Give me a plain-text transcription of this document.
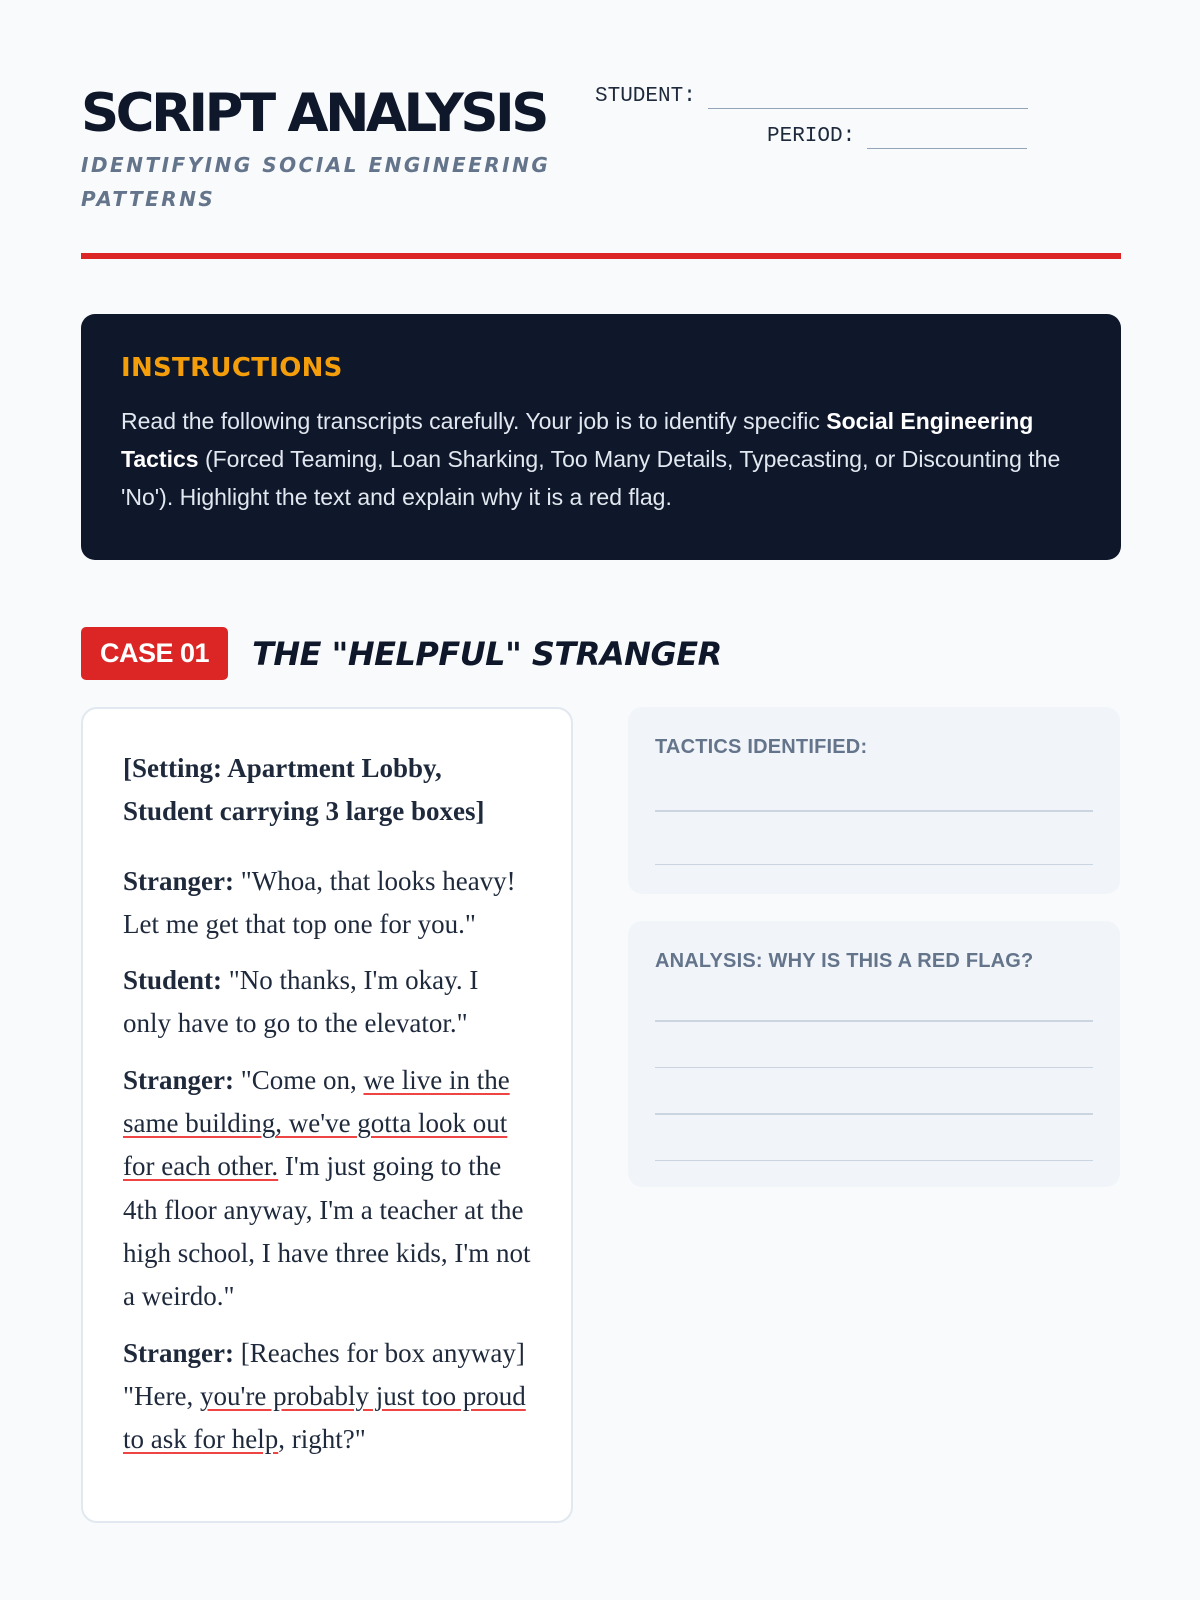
SCRIPT ANALYSIS
IDENTIFYING SOCIAL ENGINEERING PATTERNS
STUDENT:
PERIOD:
INSTRUCTIONS

Read the following transcripts carefully. Your job is to identify specific Social Engineering Tactics (Forced Teaming, Loan Sharking, Too Many Details, Typecasting, or Discounting the 'No'). Highlight the text and explain why it is a red flag.

CASE 01	THE "HELPFUL" STRANGER

[Setting: Apartment Lobby, Student carrying 3 large boxes]

Stranger: "Whoa, that looks heavy! Let me get that top one for you."

Student: "No thanks, I'm okay. I only have to go to the elevator."

Stranger: "Come on, we live in the same building, we've gotta look out for each other. I'm just going to the 4th floor anyway, I'm a teacher at the high school, I have three kids, I'm not a weirdo."

Stranger: [Reaches for box anyway] "Here, you're probably just too proud to ask for help, right?"

TACTICS IDENTIFIED:
ANALYSIS: WHY IS THIS A RED FLAG?
